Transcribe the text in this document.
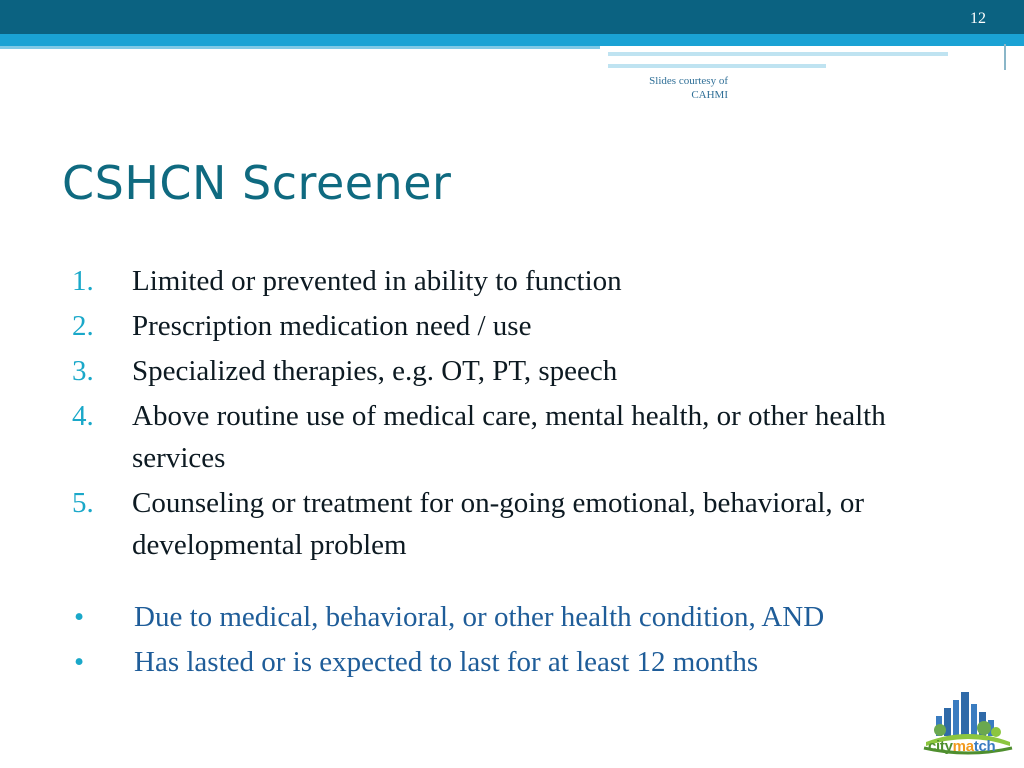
12
Slides courtesy of
CAHMI
CSHCN Screener
1.	Limited or prevented in ability to function
2.	Prescription medication need / use
3.	Specialized therapies, e.g. OT, PT, speech
4.	Above routine use of medical care, mental health, or other health services
5.	Counseling or treatment for on-going emotional, behavioral, or developmental problem
•	Due to medical, behavioral, or other health condition, AND
•	Has lasted or is expected to last for at least 12 months
citymatch
